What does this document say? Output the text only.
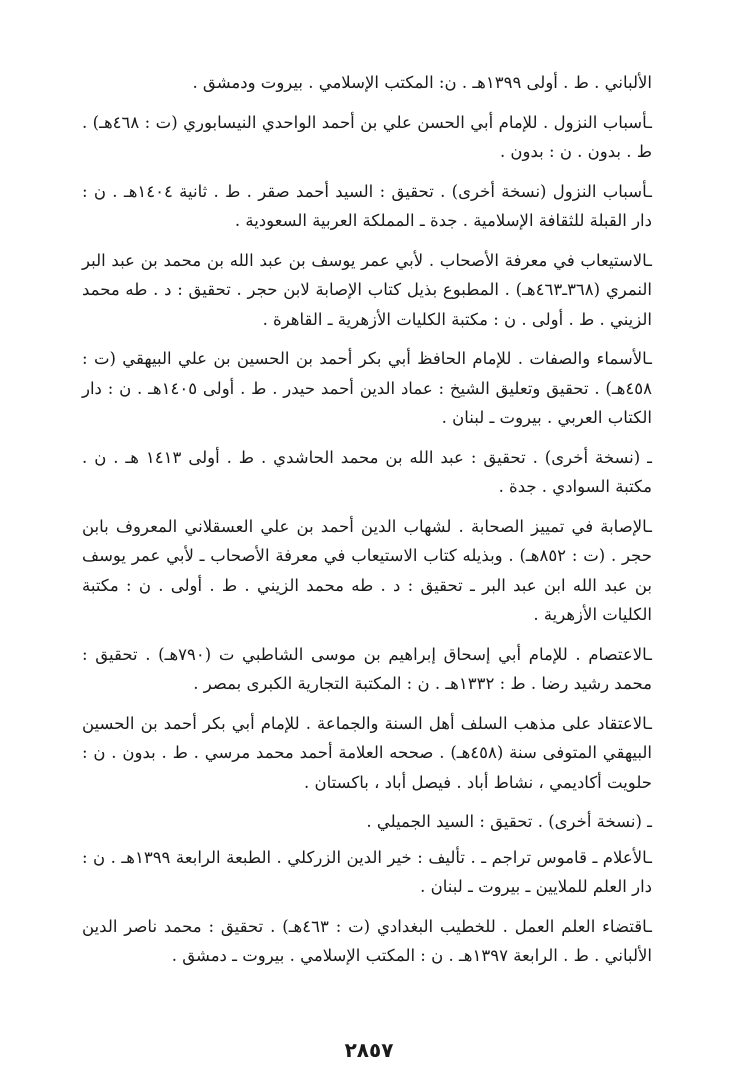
الألباني . ط . أولى ١٣٩٩هـ . ن: المكتب الإسلامي . بيروت ودمشق .

ـأسباب النزول . للإمام أبي الحسن علي بن أحمد الواحدي النيسابوري (ت : ٤٦٨هـ) . ط . بدون . ن : بدون .

ـأسباب النزول (نسخة أخرى) . تحقيق : السيد أحمد صقر . ط . ثانية ١٤٠٤هـ . ن : دار القبلة للثقافة الإسلامية . جدة ـ المملكة العربية السعودية .

ـالاستيعاب في معرفة الأصحاب . لأبي عمر يوسف بن عبد الله بن محمد بن عبد البر النمري (٣٦٨ـ٤٦٣هـ) . المطبوع بذيل كتاب الإصابة لابن حجر . تحقيق : د . طه محمد الزيني . ط . أولى . ن : مكتبة الكليات الأزهرية ـ القاهرة .

ـالأسماء والصفات . للإمام الحافظ أبي بكر أحمد بن الحسين بن علي البيهقي (ت : ٤٥٨هـ) . تحقيق وتعليق الشيخ : عماد الدين أحمد حيدر . ط . أولى ١٤٠٥هـ . ن : دار الكتاب العربي . بيروت ـ لبنان .

ـ (نسخة أخرى) . تحقيق : عبد الله بن محمد الحاشدي . ط . أولى ١٤١٣ هـ . ن . مكتبة السوادي . جدة .

ـالإصابة في تمييز الصحابة . لشهاب الدين أحمد بن علي العسقلاني المعروف بابن حجر . (ت : ٨٥٢هـ) . وبذيله كتاب الاستيعاب في معرفة الأصحاب ـ لأبي عمر يوسف بن عبد الله ابن عبد البر ـ تحقيق : د . طه محمد الزيني . ط . أولى . ن : مكتبة الكليات الأزهرية .

ـالاعتصام . للإمام أبي إسحاق إبراهيم بن موسى الشاطبي ت (٧٩٠هـ) . تحقيق : محمد رشيد رضا . ط : ١٣٣٢هـ . ن : المكتبة التجارية الكبرى بمصر .

ـالاعتقاد على مذهب السلف أهل السنة والجماعة . للإمام أبي بكر أحمد بن الحسين البيهقي المتوفى سنة (٤٥٨هـ) . صححه العلامة أحمد محمد مرسي . ط . بدون . ن : حلويت أكاديمي ، نشاط أباد . فيصل أباد ، باكستان .

ـ (نسخة أخرى) . تحقيق : السيد الجميلي .

ـالأعلام ـ قاموس تراجم ـ . تأليف : خير الدين الزركلي . الطبعة الرابعة ١٣٩٩هـ . ن : دار العلم للملايين ـ بيروت ـ لبنان .

ـاقتضاء العلم العمل . للخطيب البغدادي (ت : ٤٦٣هـ) . تحقيق : محمد ناصر الدين الألباني . ط . الرابعة ١٣٩٧هـ . ن : المكتب الإسلامي . بيروت ـ دمشق .

٢٨٥٧
